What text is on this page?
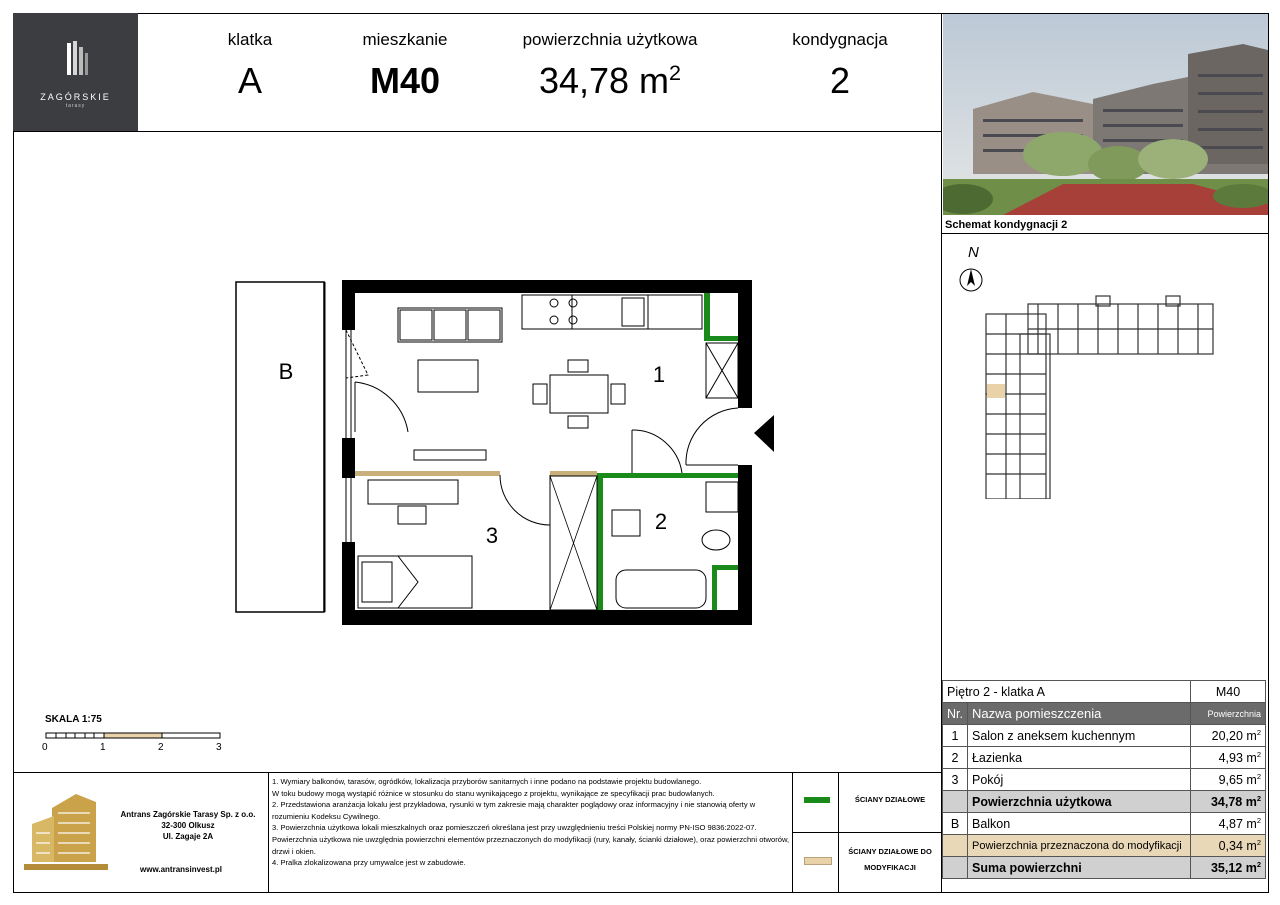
ZAGÓRSKIE
tarasy
klatka
A
mieszkanie
M40
powierzchnia użytkowa
34,78 $m^2$
kondygnacja
2
Schemat kondygnacji 2
N
B	1
2
3
SKALA 1:75
0	1	2	3
Piętro 2 - klatka A		M40
Nr.	Nazwa pomieszczenia	Powierzchnia
1	Salon z aneksem kuchennym	20,20 $m^2$
2	Łazienka	4,93 $m^2$
3	Pokój	9,65 $m^2$
	Powierzchnia użytkowa	34,78 $m^2$
B	Balkon	4,87 $m^2$
	Powierzchnia przeznaczona do modyfikacji	0,34 $m^2$
	Suma powierzchni	35,12 $m^2$
Antrans Zagórskie Tarasy Sp. z o.o.
32-300 Olkusz
Ul. Zagaje 2A
www.antransinvest.pl
1. Wymiary balkonów, tarasów, ogródków, lokalizacja przyborów sanitarnych i inne podano na podstawie projektu budowlanego.
W toku budowy mogą wystąpić różnice w stosunku do stanu wynikającego z projektu, wynikające ze specyfikacji prac budowlanych.
2. Przedstawiona aranżacja lokalu jest przykładowa, rysunki w tym zakresie mają charakter poglądowy oraz informacyjny i nie stanowią oferty w rozumieniu Kodeksu Cywilnego.
3. Powierzchnia użytkowa lokali mieszkalnych oraz pomieszczeń określana jest przy uwzględnieniu treści Polskiej normy PN-ISO 9836:2022-07. Powierzchnia użytkowa nie uwzględnia powierzchni elementów przeznaczonych do modyfikacji (rury, kanały, ścianki działowe), oraz powierzchni otworów, drzwi i okien.
4. Pralka zlokalizowana przy umywalce jest w zabudowie.
ŚCIANY DZIAŁOWE
ŚCIANY DZIAŁOWE DO MODYFIKACJI
